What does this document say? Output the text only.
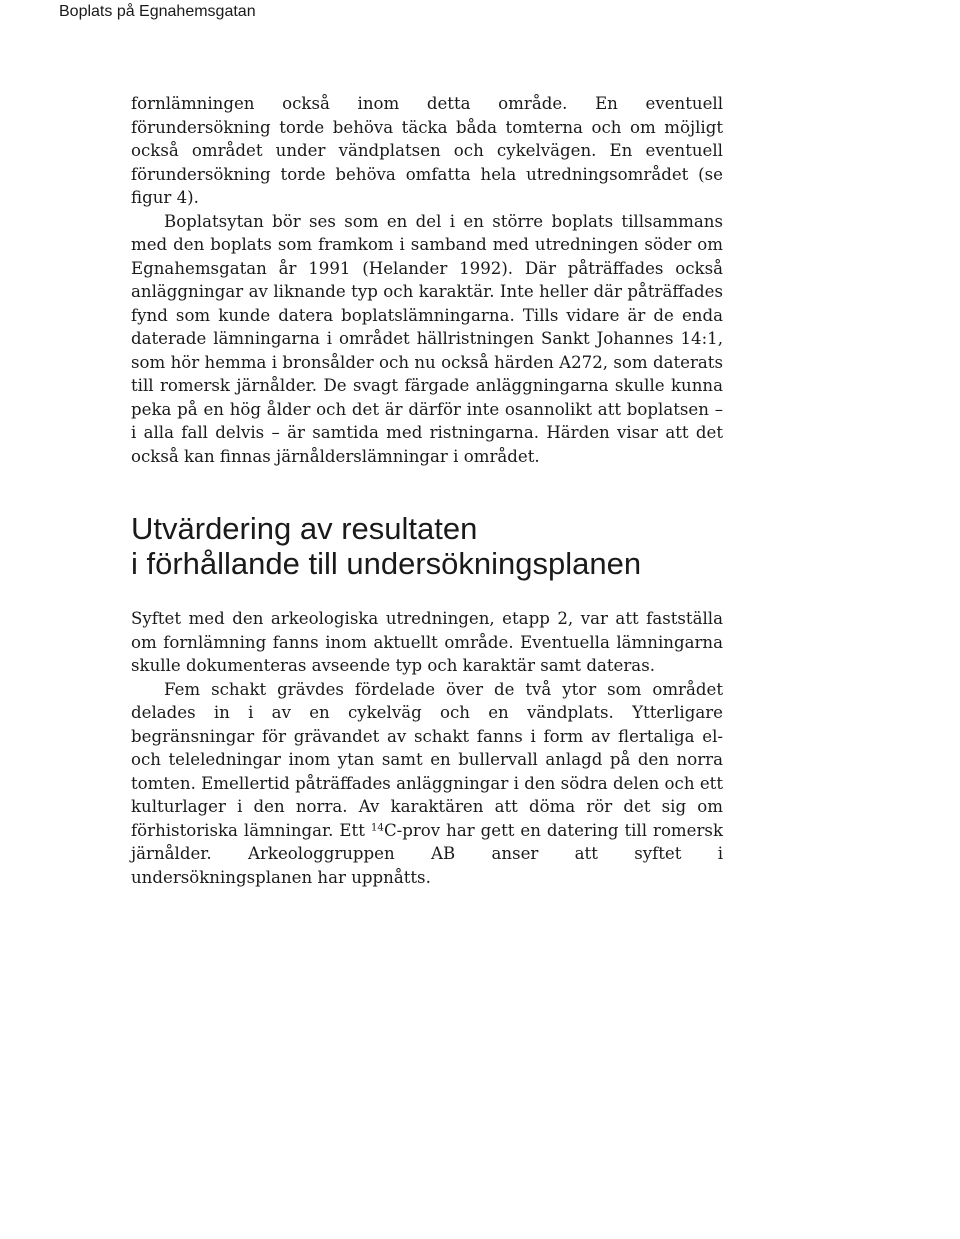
Boplats på Egnahemsgatan

fornlämningen också inom detta område. En eventuell förundersökning torde behöva täcka båda tomterna och om möjligt också området under vändplatsen och cykelvägen. En eventuell förundersökning torde behöva omfatta hela utredningsområdet (se figur 4).

Boplatsytan bör ses som en del i en större boplats tillsammans med den boplats som framkom i samband med utredningen söder om Egnahemsgatan år 1991 (Helander 1992). Där påträffades också anläggningar av liknande typ och karaktär. Inte heller där påträffades fynd som kunde datera boplatslämningarna. Tills vidare är de enda daterade lämningarna i området hällristningen Sankt Johannes 14:1, som hör hemma i bronsålder och nu också härden A272, som daterats till romersk järnålder. De svagt färgade anläggningarna skulle kunna peka på en hög ålder och det är därför inte osannolikt att boplatsen – i alla fall delvis – är samtida med ristningarna. Härden visar att det också kan finnas järnålderslämningar i området.

Utvärdering av resultaten
i förhållande till undersökningsplanen

Syftet med den arkeologiska utredningen, etapp 2, var att fastställa om fornlämning fanns inom aktuellt område. Eventuella lämningarna skulle dokumenteras avseende typ och karaktär samt dateras.

Fem schakt grävdes fördelade över de två ytor som området delades in i av en cykelväg och en vändplats. Ytterligare begränsningar för grävandet av schakt fanns i form av flertaliga el- och teleledningar inom ytan samt en bullervall anlagd på den norra tomten. Emellertid påträffades anläggningar i den södra delen och ett kulturlager i den norra. Av karaktären att döma rör det sig om förhistoriska lämningar. Ett $^{14}$C-prov har gett en datering till romersk järnålder. Arkeologgruppen AB anser att syftet i undersökningsplanen har uppnåtts.
